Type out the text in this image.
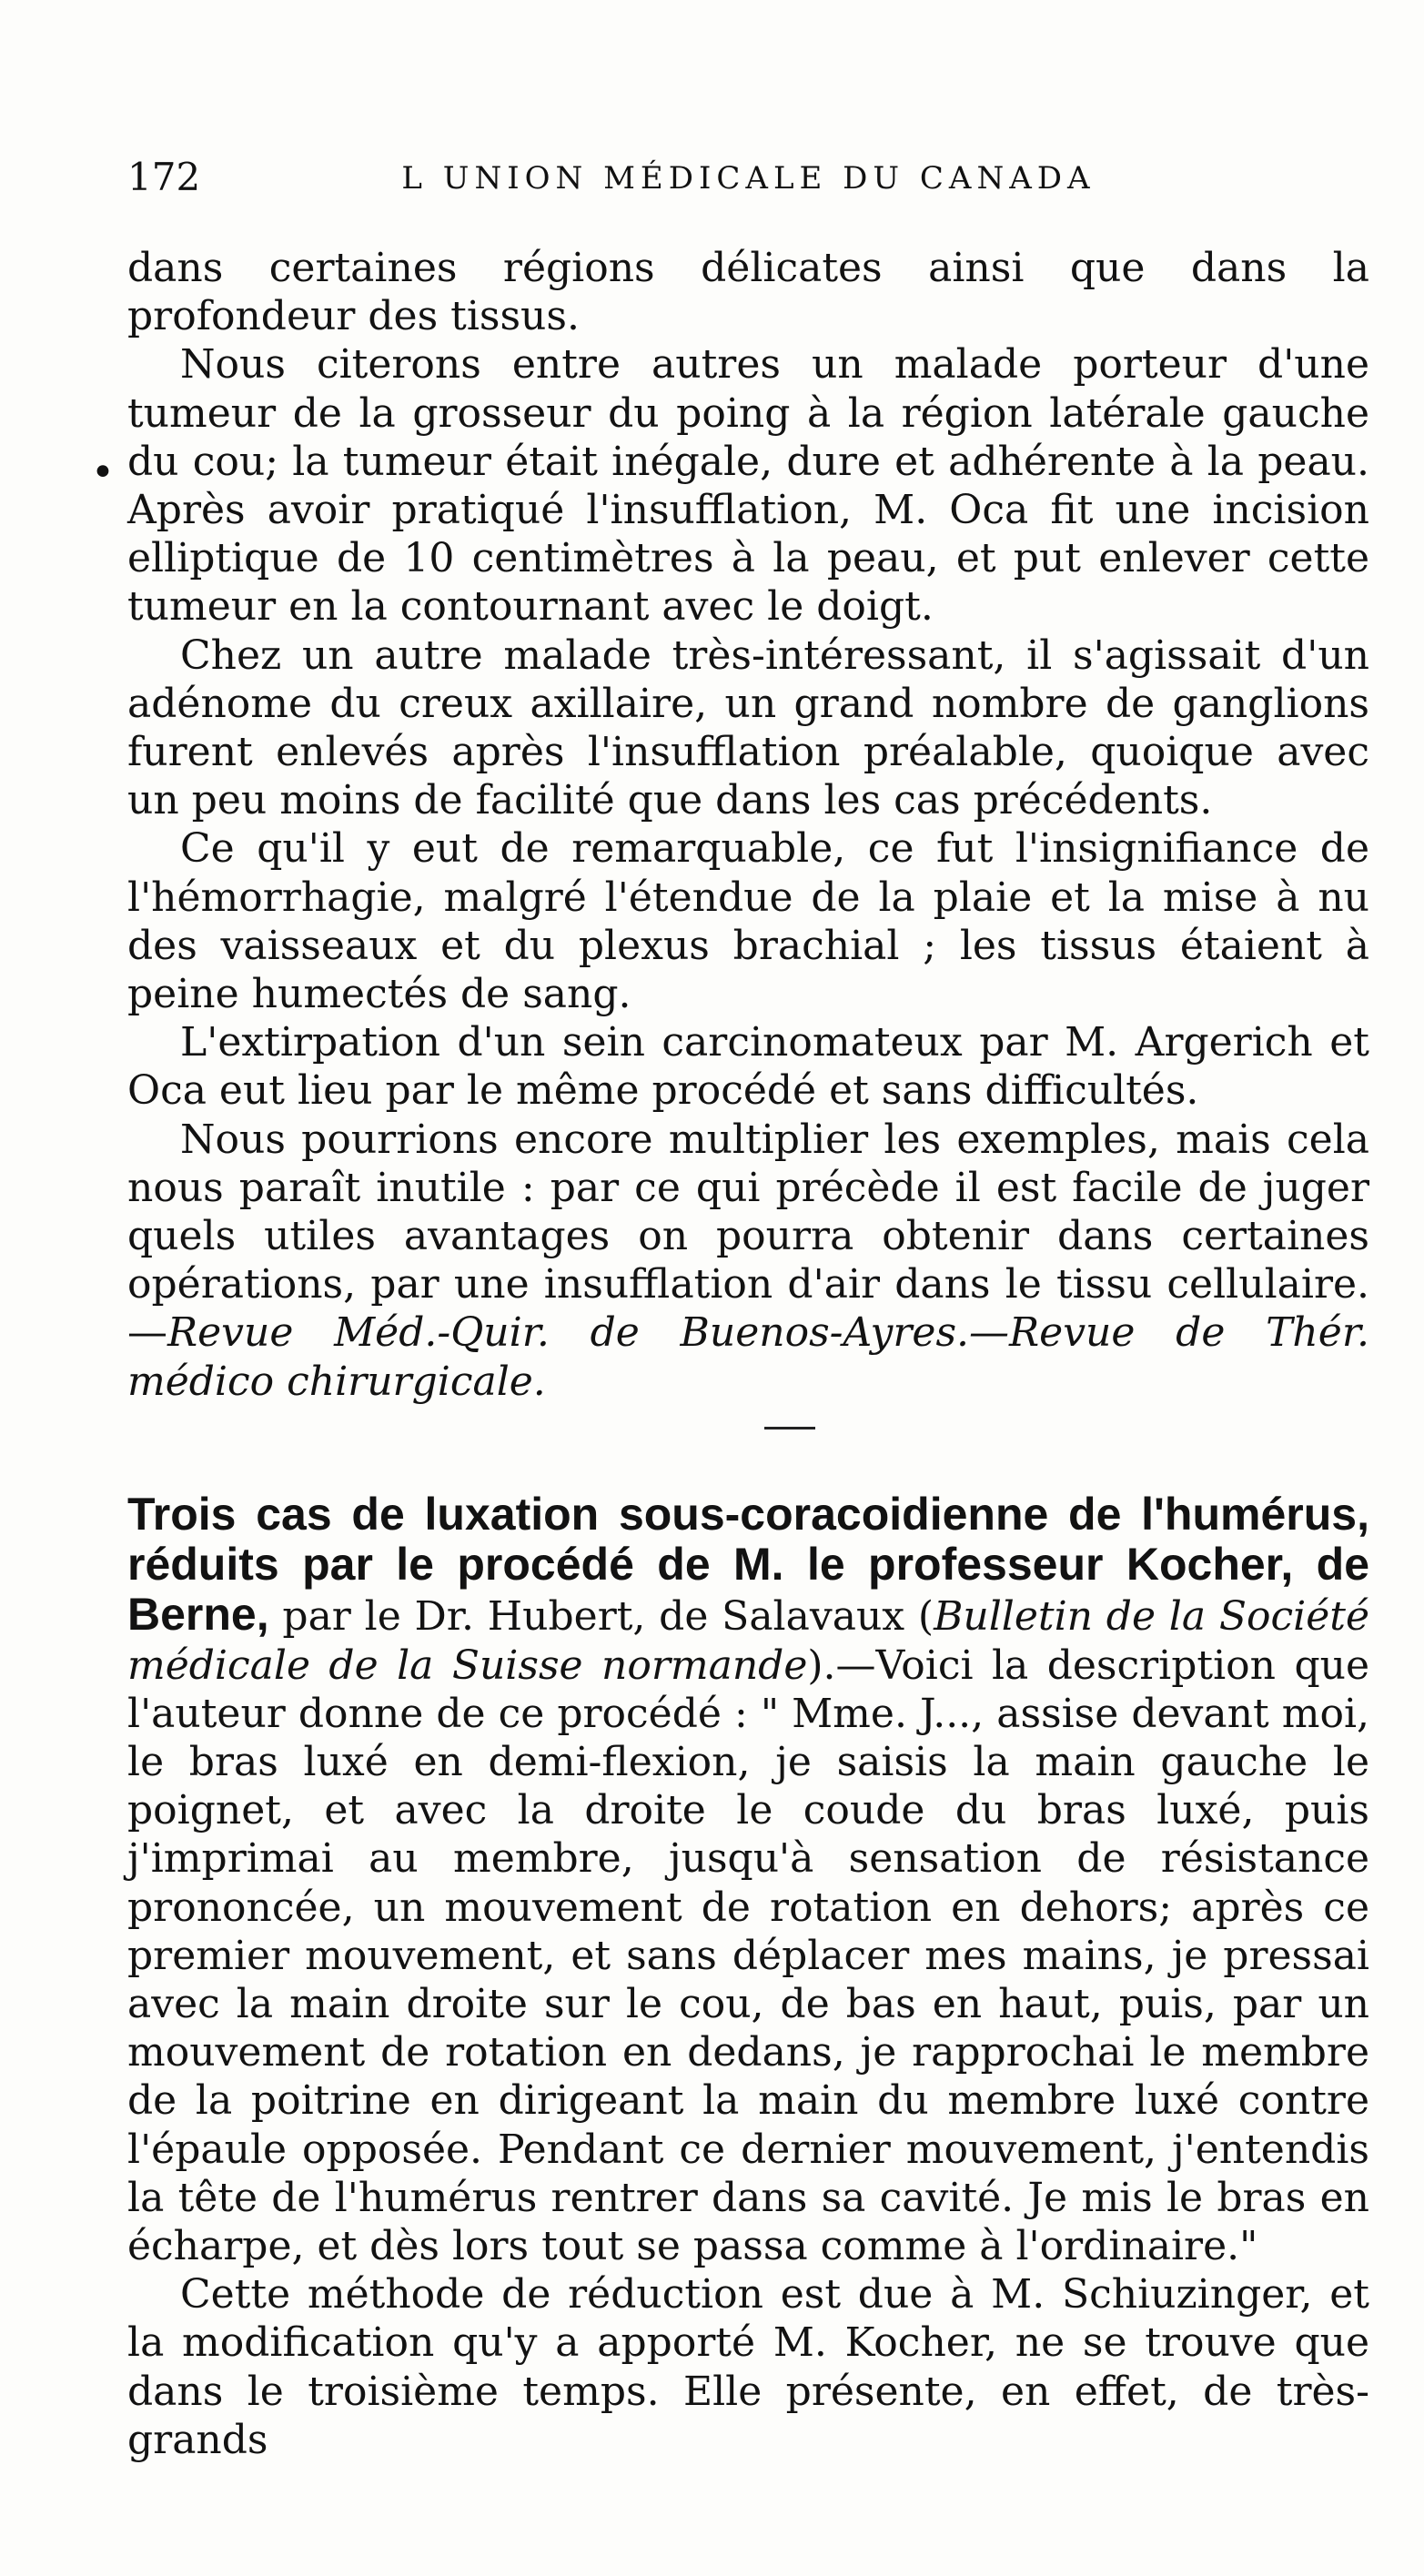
172	L UNION MÉDICALE DU CANADA
•

dans certaines régions délicates ainsi que dans la profondeur des tissus.

Nous citerons entre autres un malade porteur d'une tumeur de la grosseur du poing à la région latérale gauche du cou; la tumeur était inégale, dure et adhérente à la peau. Après avoir pratiqué l'insufflation, M. Oca fit une incision elliptique de 10 centimètres à la peau, et put enlever cette tumeur en la contournant avec le doigt.

Chez un autre malade très-intéressant, il s'agissait d'un adénome du creux axillaire, un grand nombre de ganglions furent enlevés après l'insufflation préalable, quoique avec un peu moins de facilité que dans les cas précédents.

Ce qu'il y eut de remarquable, ce fut l'insignifiance de l'hémorrhagie, malgré l'étendue de la plaie et la mise à nu des vaisseaux et du plexus brachial ; les tissus étaient à peine humectés de sang.

L'extirpation d'un sein carcinomateux par M. Argerich et Oca eut lieu par le même procédé et sans difficultés.

Nous pourrions encore multiplier les exemples, mais cela nous paraît inutile : par ce qui précède il est facile de juger quels utiles avantages on pourra obtenir dans certaines opérations, par une insufflation d'air dans le tissu cellulaire.—Revue Méd.-Quir. de Buenos-Ayres.—Revue de Thér. médico chirurgicale.

Trois cas de luxation sous-coracoidienne de l'humérus, réduits par le procédé de M. le professeur Kocher, de Berne, par le Dr. Hubert, de Salavaux (Bulletin de la Société médicale de la Suisse normande).—Voici la description que l'auteur donne de ce procédé : " Mme. J..., assise devant moi, le bras luxé en demi-flexion, je saisis la main gauche le poignet, et avec la droite le coude du bras luxé, puis j'imprimai au membre, jusqu'à sensation de résistance prononcée, un mouvement de rotation en dehors; après ce premier mouvement, et sans déplacer mes mains, je pressai avec la main droite sur le cou, de bas en haut, puis, par un mouvement de rotation en dedans, je rapprochai le membre de la poitrine en dirigeant la main du membre luxé contre l'épaule opposée. Pendant ce dernier mouvement, j'entendis la tête de l'humérus rentrer dans sa cavité. Je mis le bras en écharpe, et dès lors tout se passa comme à l'ordinaire."

Cette méthode de réduction est due à M. Schiuzinger, et la modification qu'y a apporté M. Kocher, ne se trouve que dans le troisième temps. Elle présente, en effet, de très-grands
